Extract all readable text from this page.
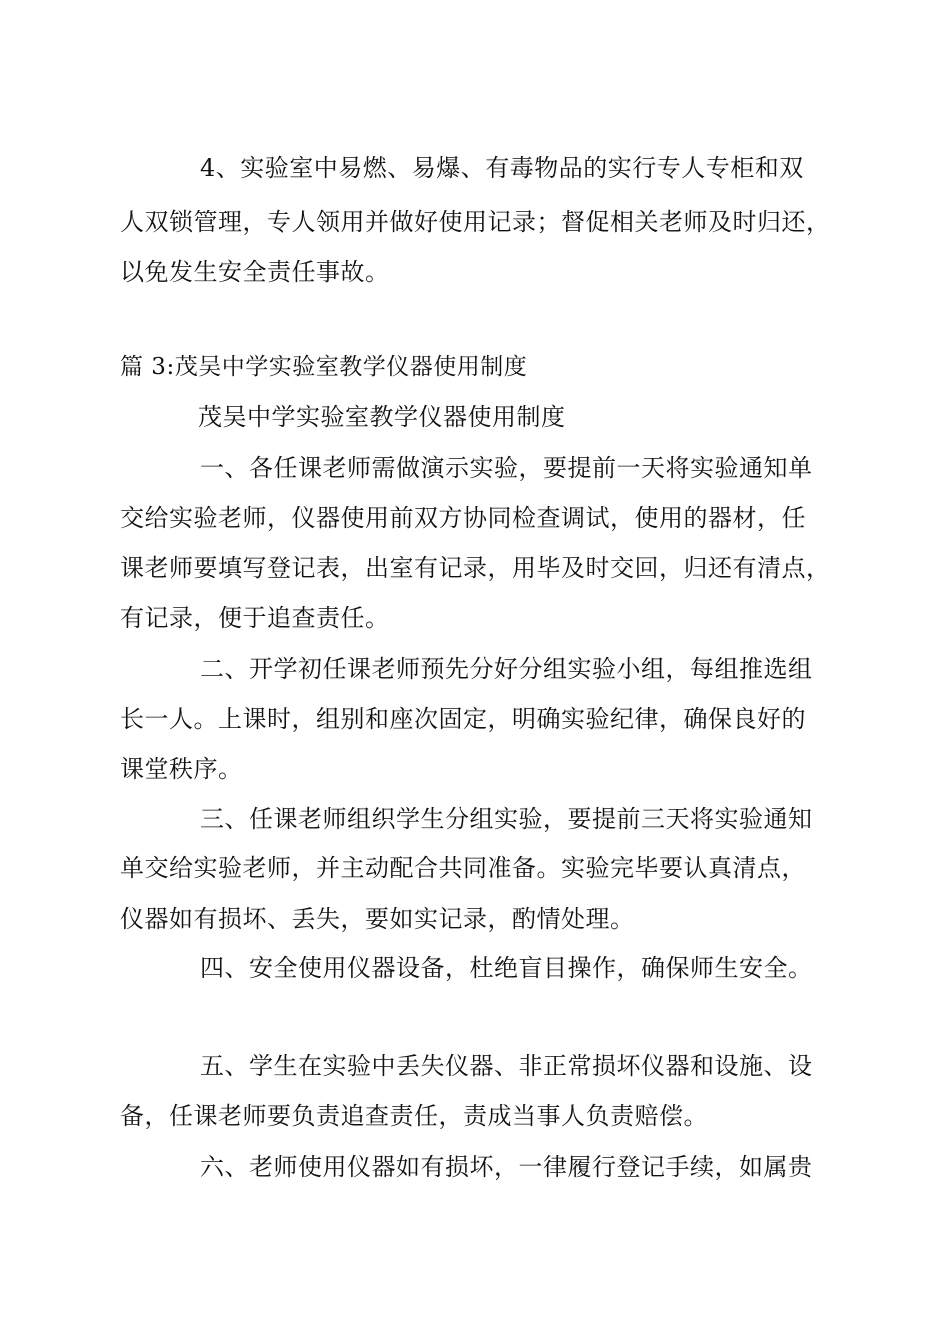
4、实验室中易燃、易爆、有毒物品的实行专人专柜和双
人双锁管理，专人领用并做好使用记录；督促相关老师及时归还，
以免发生安全责任事故。
篇 3:茂吴中学实验室教学仪器使用制度
茂吴中学实验室教学仪器使用制度
一、各任课老师需做演示实验，要提前一天将实验通知单
交给实验老师，仪器使用前双方协同检查调试，使用的器材，任
课老师要填写登记表，出室有记录，用毕及时交回，归还有清点，
有记录，便于追查责任。
二、开学初任课老师预先分好分组实验小组，每组推选组
长一人。上课时，组别和座次固定，明确实验纪律，确保良好的
课堂秩序。
三、任课老师组织学生分组实验，要提前三天将实验通知
单交给实验老师，并主动配合共同准备。实验完毕要认真清点，
仪器如有损坏、丢失，要如实记录，酌情处理。
四、安全使用仪器设备，杜绝盲目操作，确保师生安全。
五、学生在实验中丢失仪器、非正常损坏仪器和设施、设
备，任课老师要负责追查责任，责成当事人负责赔偿。
六、老师使用仪器如有损坏，一律履行登记手续，如属贵
